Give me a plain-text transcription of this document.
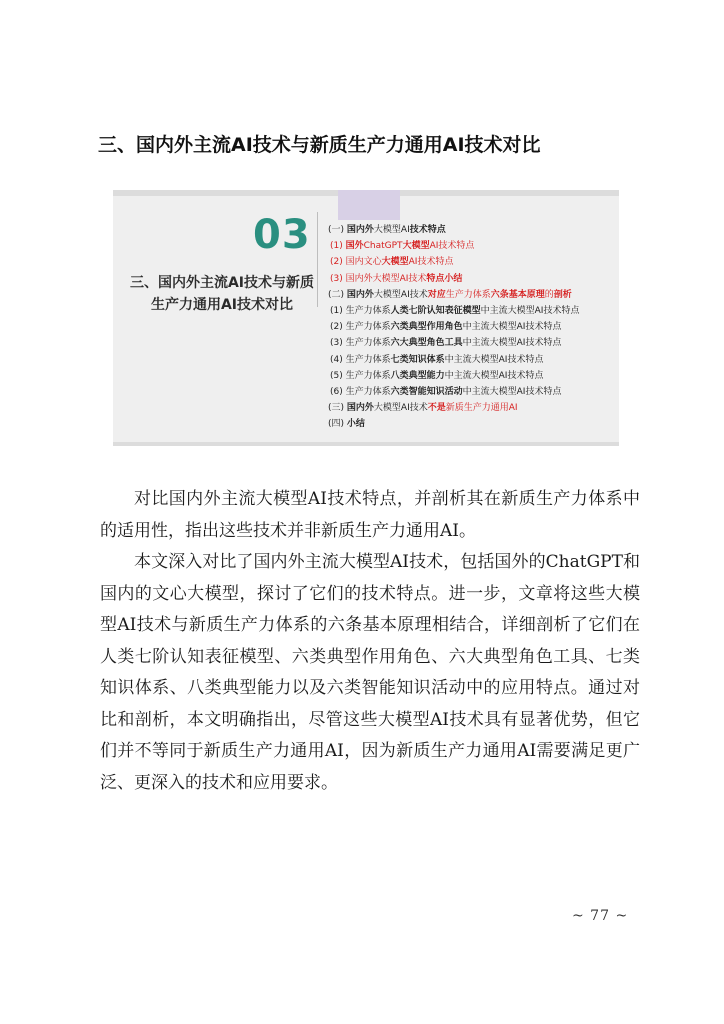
三、国内外主流AI技术与新质生产力通用AI技术对比
03
三、国内外主流AI技术与新质
生产力通用AI技术对比
(一) 国内外大模型AI技术特点
(1) 国外ChatGPT大模型AI技术特点
(2) 国内文心大模型AI技术特点
(3) 国内外大模型AI技术特点小结
(二) 国内外大模型AI技术对应生产力体系六条基本原理的剖析
(1) 生产力体系人类七阶认知表征模型中主流大模型AI技术特点
(2) 生产力体系六类典型作用角色中主流大模型AI技术特点
(3) 生产力体系六大典型角色工具中主流大模型AI技术特点
(4) 生产力体系七类知识体系中主流大模型AI技术特点
(5) 生产力体系八类典型能力中主流大模型AI技术特点
(6) 生产力体系六类智能知识活动中主流大模型AI技术特点
(三) 国内外大模型AI技术不是新质生产力通用AI
(四) 小结

对比国内外主流大模型AI技术特点，并剖析其在新质生产力体系中的适用性，指出这些技术并非新质生产力通用AI。

本文深入对比了国内外主流大模型AI技术，包括国外的ChatGPT和国内的文心大模型，探讨了它们的技术特点。进一步，文章将这些大模型AI技术与新质生产力体系的六条基本原理相结合，详细剖析了它们在人类七阶认知表征模型、六类典型作用角色、六大典型角色工具、七类知识体系、八类典型能力以及六类智能知识活动中的应用特点。通过对比和剖析，本文明确指出，尽管这些大模型AI技术具有显著优势，但它们并不等同于新质生产力通用AI，因为新质生产力通用AI需要满足更广泛、更深入的技术和应用要求。

~ 77 ~
